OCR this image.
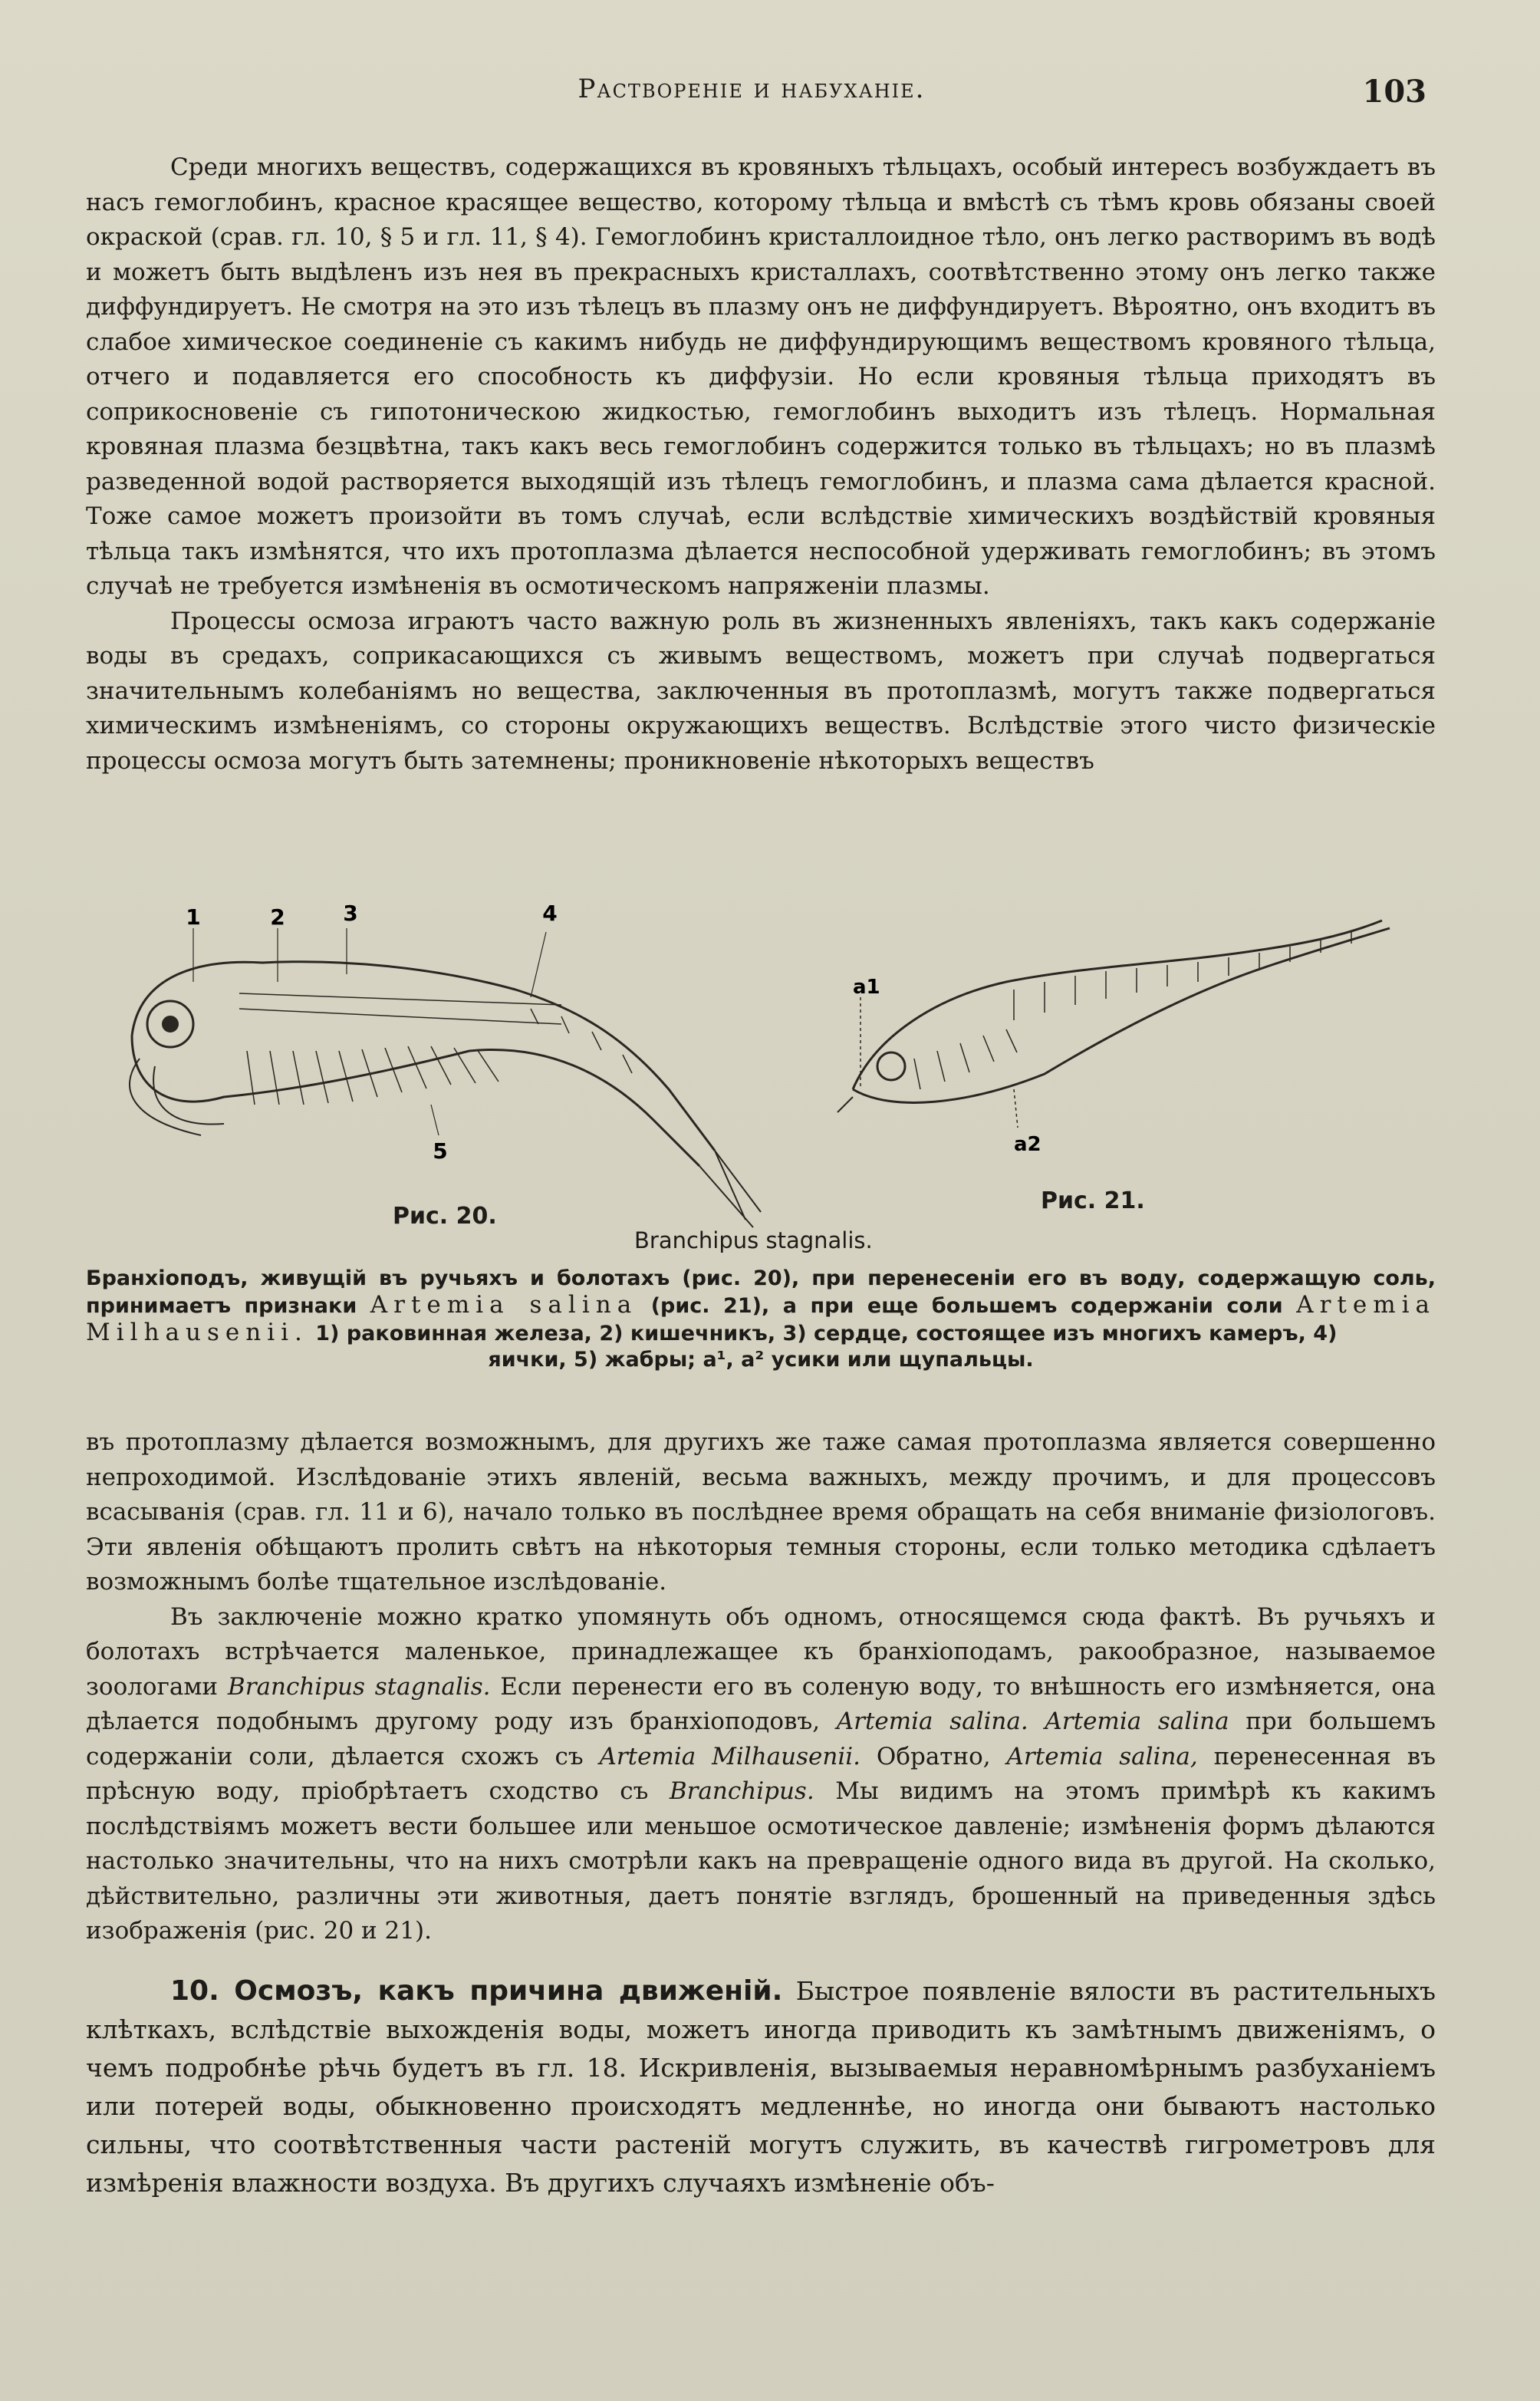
Растворенiе и набуханiе.	103

Среди многихъ веществъ, содержащихся въ кровяныхъ тѣльцахъ, особый интересъ возбуждаетъ въ насъ гемоглобинъ, красное красящее вещество, которому тѣльца и вмѣстѣ съ тѣмъ кровь обязаны своей окраской (срав. гл. 10, § 5 и гл. 11, § 4). Гемоглобинъ кристаллоидное тѣло, онъ легко растворимъ въ водѣ и можетъ быть выдѣленъ изъ нея въ прекрасныхъ кристаллахъ, соотвѣтственно этому онъ легко также диффундируетъ. Не смотря на это изъ тѣлецъ въ плазму онъ не диффундируетъ. Вѣроятно, онъ входитъ въ слабое химическое соединенiе съ какимъ нибудь не диффундирующимъ веществомъ кровяного тѣльца, отчего и подавляется его способность къ диффузiи. Но если кровяныя тѣльца приходятъ въ соприкосновенiе съ гипотоническою жидкостью, гемоглобинъ выходитъ изъ тѣлецъ. Нормальная кровяная плазма безцвѣтна, такъ какъ весь гемоглобинъ содержится только въ тѣльцахъ; но въ плазмѣ разведенной водой растворяется выходящiй изъ тѣлецъ гемоглобинъ, и плазма сама дѣлается красной. Тоже самое можетъ произойти въ томъ случаѣ, если вслѣдствiе химическихъ воздѣйствiй кровяныя тѣльца такъ измѣнятся, что ихъ протоплазма дѣлается неспособной удерживать гемоглобинъ; въ этомъ случаѣ не требуется измѣненiя въ осмотическомъ напряженiи плазмы.

Процессы осмоза играютъ часто важную роль въ жизненныхъ явленiяхъ, такъ какъ содержанiе воды въ средахъ, соприкасающихся съ живымъ веществомъ, можетъ при случаѣ подвергаться значительнымъ колебанiямъ но вещества, заключенныя въ протоплазмѣ, могутъ также подвергаться химическимъ измѣненiямъ, со стороны окружающихъ веществъ. Вслѣдствiе этого чисто физическiе процессы осмоза могутъ быть затемнены; проникновенiе нѣкоторыхъ веществъ

1	2	3	4
5
a1
a2
Рис. 20.
Рис. 21.
Branchipus stagnalis.
Бранхiоподъ, живущiй въ ручьяхъ и болотахъ (рис. 20), при перенесенiи его въ воду, содержащую соль, принимаетъ признаки Artemia salina (рис. 21), а при еще большемъ содержанiи соли Artemia Milhausenii. 1) раковинная железа, 2) кишечникъ, 3) сердце, состоящее изъ многихъ камеръ, 4)
яички, 5) жабры; a¹, a² усики или щупальцы.

въ протоплазму дѣлается возможнымъ, для другихъ же таже самая протоплазма является совершенно непроходимой. Изслѣдованiе этихъ явленiй, весьма важныхъ, между прочимъ, и для процессовъ всасыванiя (срав. гл. 11 и 6), начало только въ послѣднее время обращать на себя вниманiе физiологовъ. Эти явленiя обѣщаютъ пролить свѣтъ на нѣкоторыя темныя стороны, если только методика сдѣлаетъ возможнымъ болѣе тщательное изслѣдованiе.

Въ заключенiе можно кратко упомянуть объ одномъ, относящемся сюда фактѣ. Въ ручьяхъ и болотахъ встрѣчается маленькое, принадлежащее къ бранхiоподамъ, ракообразное, называемое зоологами Branchipus stagnalis. Если перенести его въ соленую воду, то внѣшность его измѣняется, она дѣлается подобнымъ другому роду изъ бранхiоподовъ, Artemia salina. Artemia salina при большемъ содержанiи соли, дѣлается схожъ съ Artemia Milhausenii. Обратно, Artemia salina, перенесенная въ прѣсную воду, прiобрѣтаетъ сходство съ Branchipus. Мы видимъ на этомъ примѣрѣ къ какимъ послѣдствiямъ можетъ вести большее или меньшое осмотическое давленiе; измѣненiя формъ дѣлаются настолько значительны, что на нихъ смотрѣли какъ на превращенiе одного вида въ другой. На сколько, дѣйствительно, различны эти животныя, даетъ понятiе взглядъ, брошенный на приведенныя здѣсь изображенiя (рис. 20 и 21).

10. Осмозъ, какъ причина движенiй. Быстрое появленiе вялости въ растительныхъ клѣткахъ, вслѣдствiе выхожденiя воды, можетъ иногда приводить къ замѣтнымъ движенiямъ, о чемъ подробнѣе рѣчь будетъ въ гл. 18. Искривленiя, вызываемыя неравномѣрнымъ разбуханiемъ или потерей воды, обыкновенно происходятъ медленнѣе, но иногда они бываютъ настолько сильны, что соотвѣтственныя части растенiй могутъ служить, въ качествѣ гигрометровъ для измѣренiя влажности воздуха. Въ другихъ случаяхъ измѣненiе объ-
